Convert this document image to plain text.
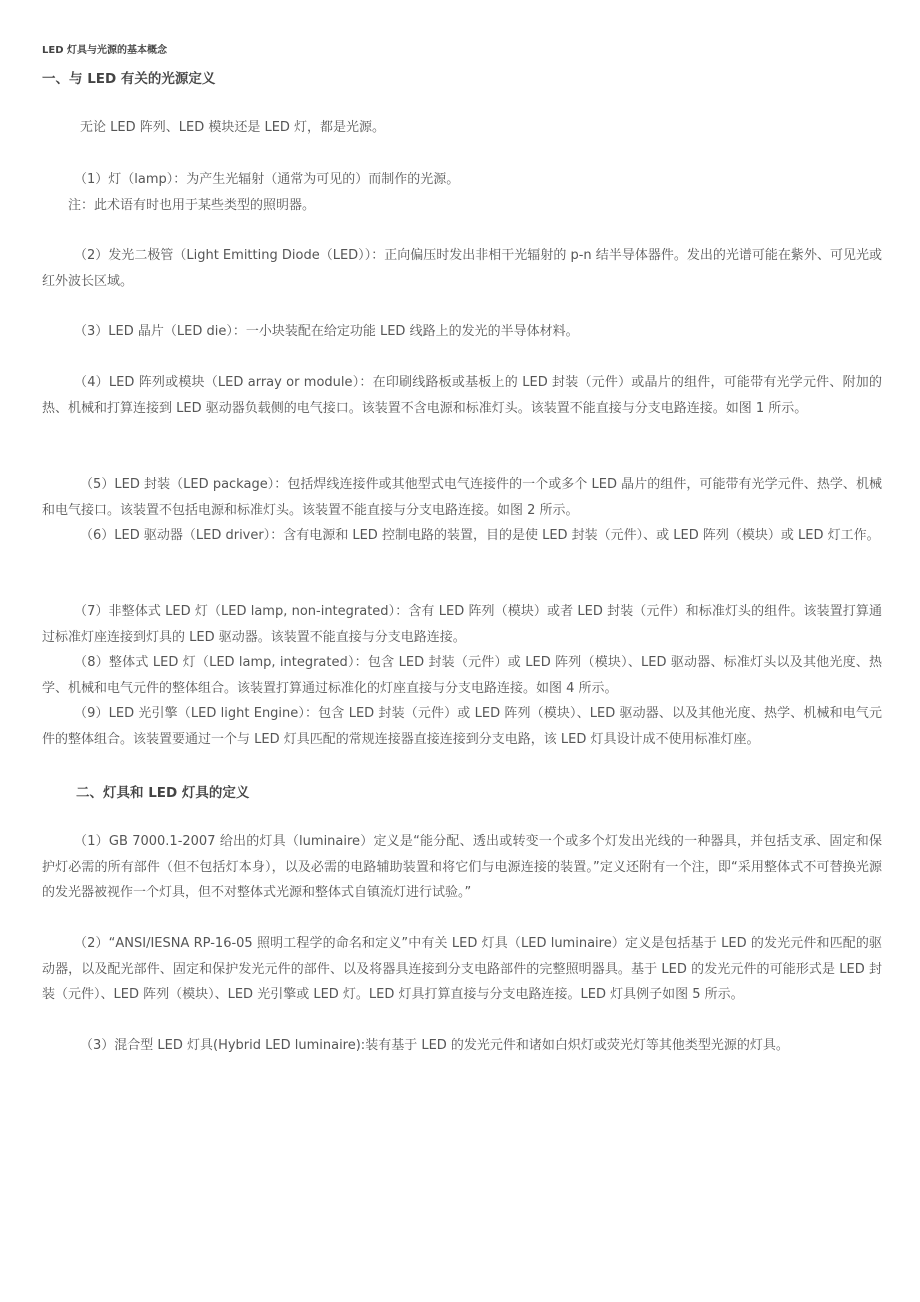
LED 灯具与光源的基本概念
一、与 LED 有关的光源定义

无论 LED 阵列、LED 模块还是 LED 灯，都是光源。

（1）灯（lamp）：为产生光辐射（通常为可见的）而制作的光源。

注：此术语有时也用于某些类型的照明器。

（2）发光二极管（Light Emitting Diode（LED））：正向偏压时发出非相干光辐射的 p-n 结半导体器件。发出的光谱可能在紫外、可见光或红外波长区域。

（3）LED 晶片（LED die）：一小块装配在给定功能 LED 线路上的发光的半导体材料。

（4）LED 阵列或模块（LED array or module）：在印刷线路板或基板上的 LED 封装（元件）或晶片的组件，可能带有光学元件、附加的热、机械和打算连接到 LED 驱动器负载侧的电气接口。该装置不含电源和标准灯头。该装置不能直接与分支电路连接。如图 1 所示。

（5）LED 封装（LED package）：包括焊线连接件或其他型式电气连接件的一个或多个 LED 晶片的组件，可能带有光学元件、热学、机械和电气接口。该装置不包括电源和标准灯头。该装置不能直接与分支电路连接。如图 2 所示。

（6）LED 驱动器（LED driver）：含有电源和 LED 控制电路的装置，目的是使 LED 封装（元件）、或 LED 阵列（模块）或 LED 灯工作。

（7）非整体式 LED 灯（LED lamp, non-integrated）：含有 LED 阵列（模块）或者 LED 封装（元件）和标准灯头的组件。该装置打算通过标准灯座连接到灯具的 LED 驱动器。该装置不能直接与分支电路连接。

（8）整体式 LED 灯（LED lamp, integrated）：包含 LED 封装（元件）或 LED 阵列（模块）、LED 驱动器、标准灯头以及其他光度、热学、机械和电气元件的整体组合。该装置打算通过标准化的灯座直接与分支电路连接。如图 4 所示。

（9）LED 光引擎（LED light Engine）：包含 LED 封装（元件）或 LED 阵列（模块）、LED 驱动器、以及其他光度、热学、机械和电气元件的整体组合。该装置要通过一个与 LED 灯具匹配的常规连接器直接连接到分支电路，该 LED 灯具设计成不使用标准灯座。

二、灯具和 LED 灯具的定义

（1）GB 7000.1-2007 给出的灯具（luminaire）定义是“能分配、透出或转变一个或多个灯发出光线的一种器具，并包括支承、固定和保护灯必需的所有部件（但不包括灯本身），以及必需的电路辅助装置和将它们与电源连接的装置。”定义还附有一个注，即“采用整体式不可替换光源的发光器被视作一个灯具，但不对整体式光源和整体式自镇流灯进行试验。”

（2）“ANSI/IESNA RP-16-05 照明工程学的命名和定义”中有关 LED 灯具（LED luminaire）定义是包括基于 LED 的发光元件和匹配的驱动器，以及配光部件、固定和保护发光元件的部件、以及将器具连接到分支电路部件的完整照明器具。基于 LED 的发光元件的可能形式是 LED 封装（元件）、LED 阵列（模块）、LED 光引擎或 LED 灯。LED 灯具打算直接与分支电路连接。LED 灯具例子如图 5 所示。

（3）混合型 LED 灯具(Hybrid LED luminaire):装有基于 LED 的发光元件和诸如白炽灯或荧光灯等其他类型光源的灯具。
